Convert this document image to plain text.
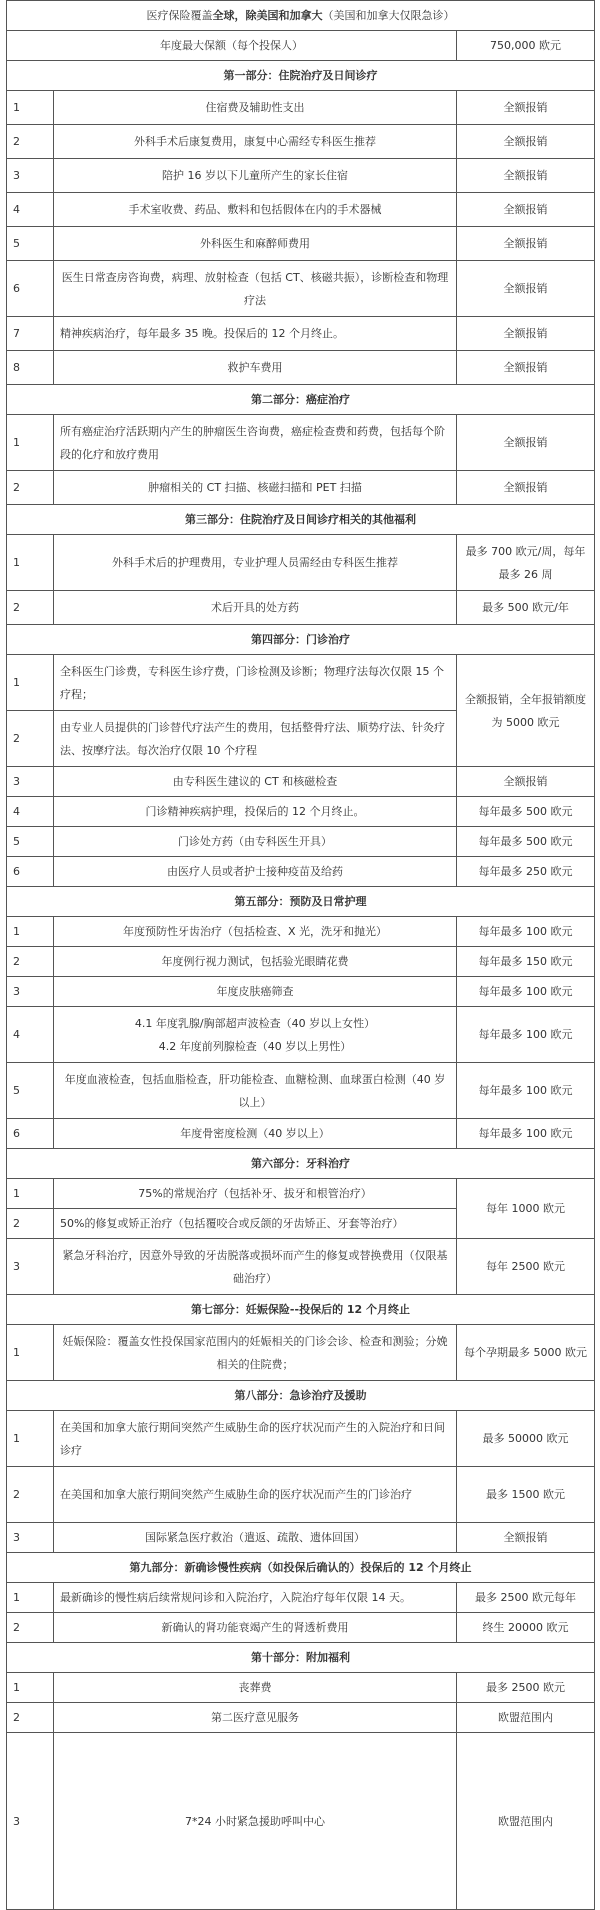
医疗保险覆盖全球，除美国和加拿大（美国和加拿大仅限急诊）		
年度最大保额（每个投保人）		750,000 欧元
第一部分：住院治疗及日间诊疗		
1	住宿费及辅助性支出	全额报销
2	外科手术后康复费用，康复中心需经专科医生推荐	全额报销
3	陪护 16 岁以下儿童所产生的家长住宿	全额报销
4	手术室收费、药品、敷料和包括假体在内的手术器械	全额报销
5	外科医生和麻醉师费用	全额报销
6	医生日常查房咨询费，病理、放射检查（包括 CT、核磁共振），诊断检查和物理疗法	全额报销
7	精神疾病治疗，每年最多 35 晚。投保后的 12 个月终止。	全额报销
8	救护车费用	全额报销
第二部分：癌症治疗		
1	所有癌症治疗活跃期内产生的肿瘤医生咨询费，癌症检查费和药费，包括每个阶段的化疗和放疗费用	全额报销
2	肿瘤相关的 CT 扫描、核磁扫描和 PET 扫描	全额报销
第三部分：住院治疗及日间诊疗相关的其他福利		
1	外科手术后的护理费用，专业护理人员需经由专科医生推荐	最多 700 欧元/周，每年最多 26 周
2	术后开具的处方药	最多 500 欧元/年
第四部分：门诊治疗		
1	全科医生门诊费，专科医生诊疗费，门诊检测及诊断；物理疗法每次仅限 15 个疗程；	全额报销，全年报销额度为 5000 欧元
2	由专业人员提供的门诊替代疗法产生的费用，包括整骨疗法、顺势疗法、针灸疗法、按摩疗法。每次治疗仅限 10 个疗程	
3	由专科医生建议的 CT 和核磁检查	全额报销
4	门诊精神疾病护理，投保后的 12 个月终止。	每年最多 500 欧元
5	门诊处方药（由专科医生开具）	每年最多 500 欧元
6	由医疗人员或者护士接种疫苗及给药	每年最多 250 欧元
第五部分：预防及日常护理		
1	年度预防性牙齿治疗（包括检查、X 光，洗牙和抛光）	每年最多 100 欧元
2	年度例行视力测试，包括验光眼睛花费	每年最多 150 欧元
3	年度皮肤癌筛查	每年最多 100 欧元
4	4.1 年度乳腺/胸部超声波检查（40 岁以上女性）
4.2 年度前列腺检查（40 岁以上男性）	每年最多 100 欧元
5	年度血液检查，包括血脂检查，肝功能检查、血糖检测、血球蛋白检测（40 岁以上）	每年最多 100 欧元
6	年度骨密度检测（40 岁以上）	每年最多 100 欧元
第六部分：牙科治疗		
1	75%的常规治疗（包括补牙、拔牙和根管治疗）	每年 1000 欧元
2	50%的修复或矫正治疗（包括覆咬合或反颌的牙齿矫正、牙套等治疗）	
3	紧急牙科治疗，因意外导致的牙齿脱落或损坏而产生的修复或替换费用（仅限基础治疗）	每年 2500 欧元
第七部分：妊娠保险--投保后的 12 个月终止		
1	妊娠保险：覆盖女性投保国家范围内的妊娠相关的门诊会诊、检查和测验；分娩相关的住院费；	每个孕期最多 5000 欧元
第八部分：急诊治疗及援助		
1	在美国和加拿大旅行期间突然产生威胁生命的医疗状况而产生的入院治疗和日间诊疗	最多 50000 欧元
2	在美国和加拿大旅行期间突然产生威胁生命的医疗状况而产生的门诊治疗	最多 1500 欧元
3	国际紧急医疗救治（遣返、疏散、遗体回国）	全额报销
第九部分：新确诊慢性疾病（如投保后确认的）投保后的 12 个月终止		
1	最新确诊的慢性病后续常规问诊和入院治疗，入院治疗每年仅限 14 天。	最多 2500 欧元每年
2	新确认的肾功能衰竭产生的肾透析费用	终生 20000 欧元
第十部分：附加福利		
1	丧葬费	最多 2500 欧元
2	第二医疗意见服务	欧盟范围内
3	7*24 小时紧急援助呼叫中心	欧盟范围内
